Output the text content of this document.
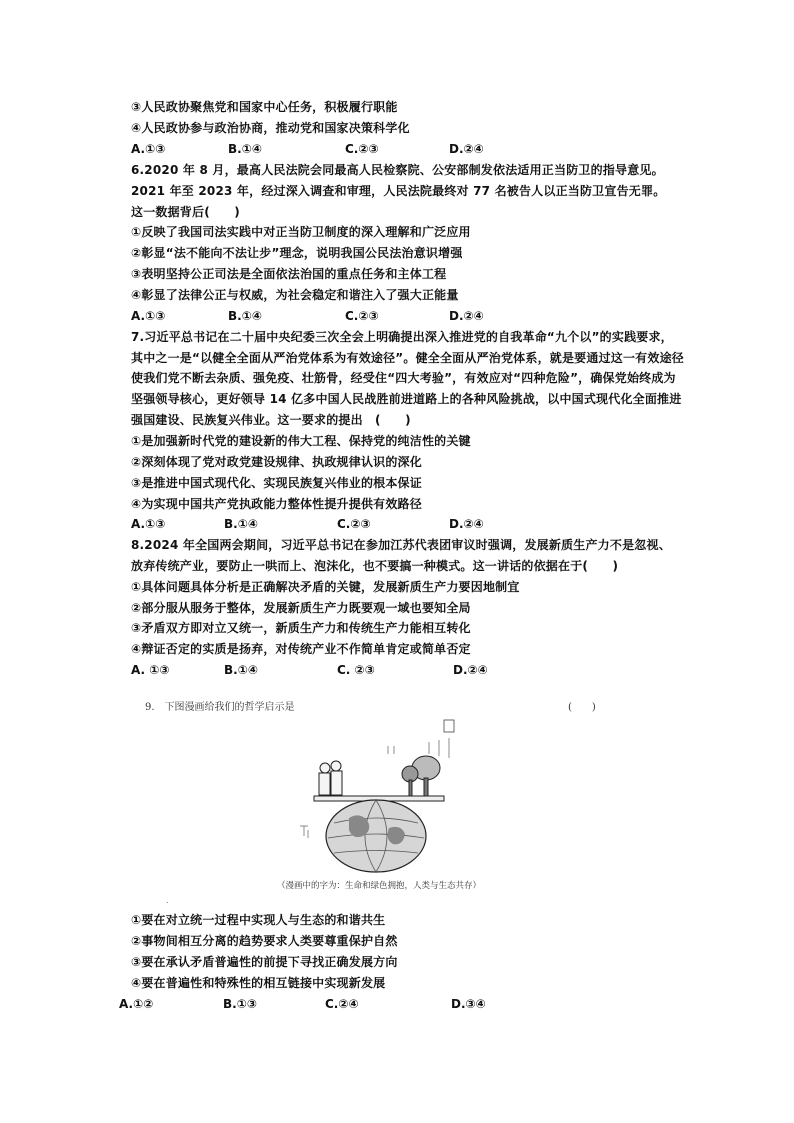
③人民政协聚焦党和国家中心任务，积极履行职能
④人民政协参与政治协商，推动党和国家决策科学化
A.①③	B.①④	C.②③	D.②④
6.2020 年 8 月，最高人民法院会同最高人民检察院、公安部制发依法适用正当防卫的指导意见。
2021 年至 2023 年，经过深入调查和审理，人民法院最终对 77 名被告人以正当防卫宣告无罪。
这一数据背后(　　)
①反映了我国司法实践中对正当防卫制度的深入理解和广泛应用
②彰显“法不能向不法让步”理念，说明我国公民法治意识增强
③表明坚持公正司法是全面依法治国的重点任务和主体工程
④彰显了法律公正与权威，为社会稳定和谐注入了强大正能量
A.①③	B.①④	C.②③	D.②④
7.习近平总书记在二十届中央纪委三次全会上明确提出深入推进党的自我革命“九个以”的实践要求，
其中之一是“以健全全面从严治党体系为有效途径”。健全全面从严治党体系，就是要通过这一有效途径
使我们党不断去杂质、强免疫、壮筋骨，经受住“四大考验”，有效应对“四种危险”，确保党始终成为
坚强领导核心，更好领导 14 亿多中国人民战胜前进道路上的各种风险挑战，以中国式现代化全面推进
强国建设、民族复兴伟业。这一要求的提出　(　　)
①是加强新时代党的建设新的伟大工程、保持党的纯洁性的关键
②深刻体现了党对政党建设规律、执政规律认识的深化
③是推进中国式现代化、实现民族复兴伟业的根本保证
④为实现中国共产党执政能力整体性提升提供有效路径
A.①③	B.①④	C.②③	D.②④
8.2024 年全国两会期间，习近平总书记在参加江苏代表团审议时强调，发展新质生产力不是忽视、
放弃传统产业，要防止一哄而上、泡沫化，也不要搞一种模式。这一讲话的依据在于(　　)
①具体问题具体分析是正确解决矛盾的关键，发展新质生产力要因地制宜
②部分服从服务于整体，发展新质生产力既要观一域也要知全局
③矛盾双方即对立又统一，新质生产力和传统生产力能相互转化
④辩证否定的实质是扬弃，对传统产业不作简单肯定或简单否定
A. ①③	B.①④	C. ②③	D.②④
9.　下图漫画给我们的哲学启示是	(　　)
（漫画中的字为：生命和绿色拥抱，人类与生态共存）
.
①要在对立统一过程中实现人与生态的和谐共生
②事物间相互分离的趋势要求人类要尊重保护自然
③要在承认矛盾普遍性的前提下寻找正确发展方向
④要在普遍性和特殊性的相互链接中实现新发展
A.①②	B.①③	C.②④	D.③④
